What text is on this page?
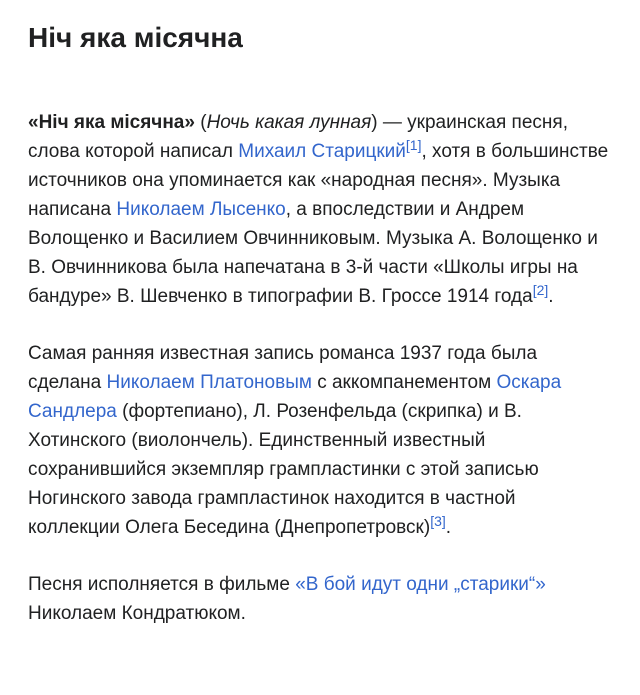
Ніч яка місячна

«Ніч яка місячна» (Ночь какая лунная) — украинская песня, слова которой написал Михаил Старицкий[1], хотя в большинстве источников она упоминается как «народная песня». Музыка написана Николаем Лысенко, а впоследствии и Андрем Волощенко и Василием Овчинниковым. Музыка А. Волощенко и В. Овчинникова была напечатана в 3-й части «Школы игры на бандуре» В. Шевченко в типографии В. Гроссе 1914 года[2].

Самая ранняя известная запись романса 1937 года была сделана Николаем Платоновым с аккомпанементом Оскара Сандлера (фортепиано), Л. Розенфельда (скрипка) и В. Хотинского (виолончель). Единственный известный сохранившийся экземпляр грампластинки с этой записью Ногинского завода грампластинок находится в частной коллекции Олега Беседина (Днепропетровск)[3].

Песня исполняется в фильме «В бой идут одни „старики“» Николаем Кондратюком.
